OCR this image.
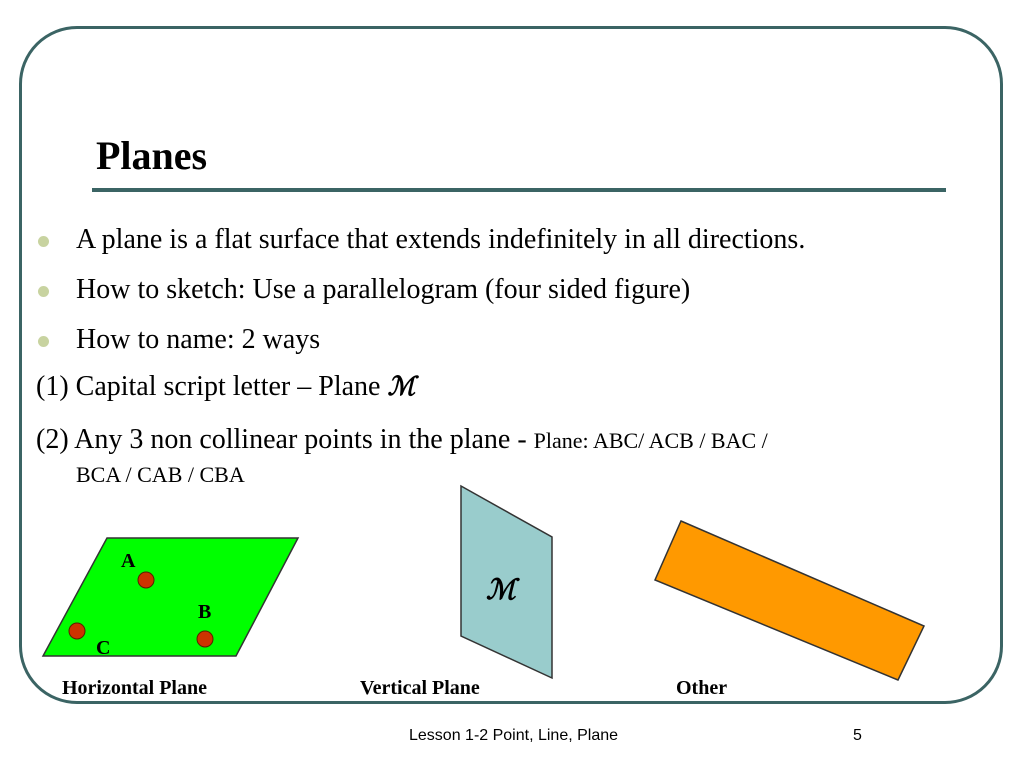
Planes
A plane is a flat surface that extends indefinitely in all directions.
How to sketch: Use a parallelogram (four sided figure)
How to name: 2 ways
(1) Capital script letter – Plane ℳ
(2) Any 3 non collinear points in the plane - Plane: ABC/ ACB / BAC /
BCA / CAB / CBA
A
B
C
ℳ
Horizontal Plane	Vertical Plane	Other
Lesson 1-2 Point, Line, Plane	5
